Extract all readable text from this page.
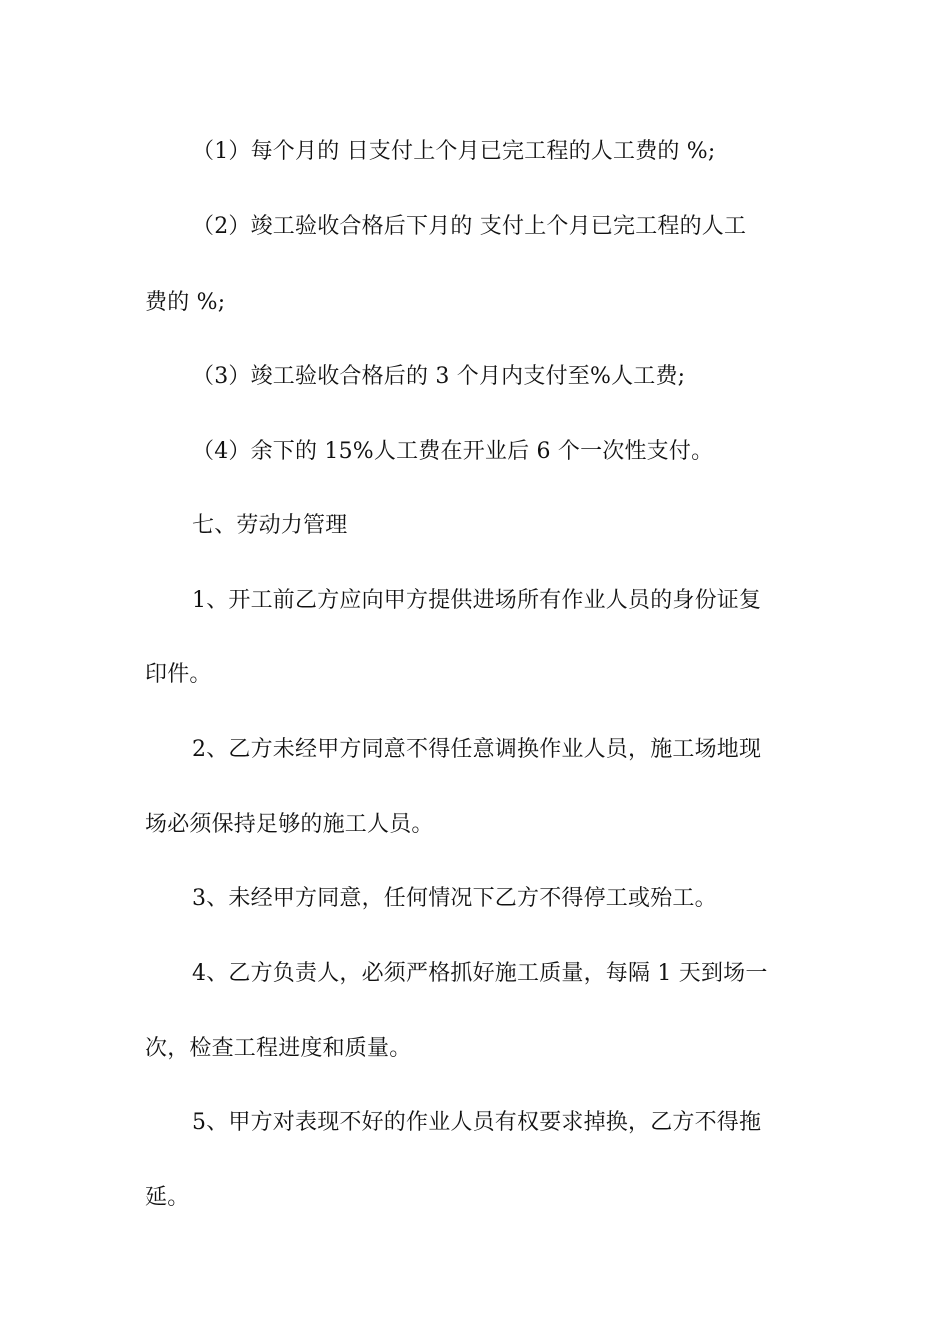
（1）每个月的 日支付上个月已完工程的人工费的 %;
（2）竣工验收合格后下月的 支付上个月已完工程的人工
费的 %;
（3）竣工验收合格后的 3 个月内支付至%人工费;
（4）余下的 15%人工费在开业后 6 个一次性支付。
七、劳动力管理
1、开工前乙方应向甲方提供进场所有作业人员的身份证复
印件。
2、乙方未经甲方同意不得任意调换作业人员，施工场地现
场必须保持足够的施工人员。
3、未经甲方同意，任何情况下乙方不得停工或殆工。
4、乙方负责人，必须严格抓好施工质量，每隔 1 天到场一
次，检查工程进度和质量。
5、甲方对表现不好的作业人员有权要求掉换，乙方不得拖
延。
